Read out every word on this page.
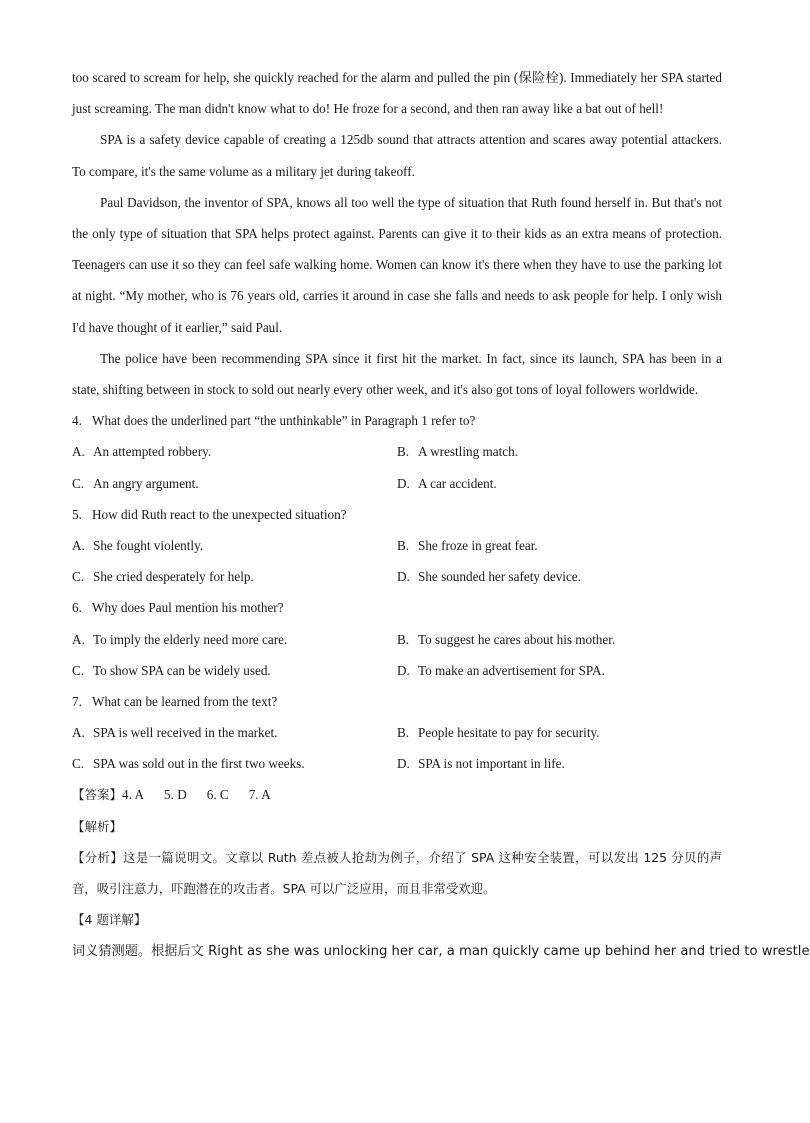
too scared to scream for help, she quickly reached for the alarm and pulled the pin (保险栓). Immediately her SPA started just screaming. The man didn't know what to do! He froze for a second, and then ran away like a bat out of hell!

SPA is a safety device capable of creating a 125db sound that attracts attention and scares away potential attackers. To compare, it's the same volume as a military jet during takeoff.

Paul Davidson, the inventor of SPA, knows all too well the type of situation that Ruth found herself in. But that's not the only type of situation that SPA helps protect against. Parents can give it to their kids as an extra means of protection. Teenagers can use it so they can feel safe walking home. Women can know it's there when they have to use the parking lot at night. “My mother, who is 76 years old, carries it around in case she falls and needs to ask people for help. I only wish I'd have thought of it earlier,” said Paul.

The police have been recommending SPA since it first hit the market. In fact, since its launch, SPA has been in a state, shifting between in stock to sold out nearly every other week, and it's also got tons of loyal followers worldwide.

4. What does the underlined part “the unthinkable” in Paragraph 1 refer to?
A. An attempted robbery.	B. A wrestling match.
C. An angry argument.	D. A car accident.
5. How did Ruth react to the unexpected situation?
A. She fought violently.	B. She froze in great fear.
C. She cried desperately for help.	D. She sounded her safety device.
6. Why does Paul mention his mother?
A. To imply the elderly need more care.	B. To suggest he cares about his mother.
C. To show SPA can be widely used.	D. To make an advertisement for SPA.
7. What can be learned from the text?
A. SPA is well received in the market.	B. People hesitate to pay for security.
C. SPA was sold out in the first two weeks.	D. SPA is not important in life.
【答案】4. A 5. D 6. C 7. A
【解析】

【分析】这是一篇说明文。文章以 Ruth 差点被人抢劫为例子，介绍了 SPA 这种安全装置，可以发出 125 分贝的声音，吸引注意力，吓跑潜在的攻击者。SPA 可以广泛应用，而且非常受欢迎。

【4 题详解】
词义猜测题。根据后文 Right as she was unlocking her car, a man quickly came up behind her and tried to wrestle
